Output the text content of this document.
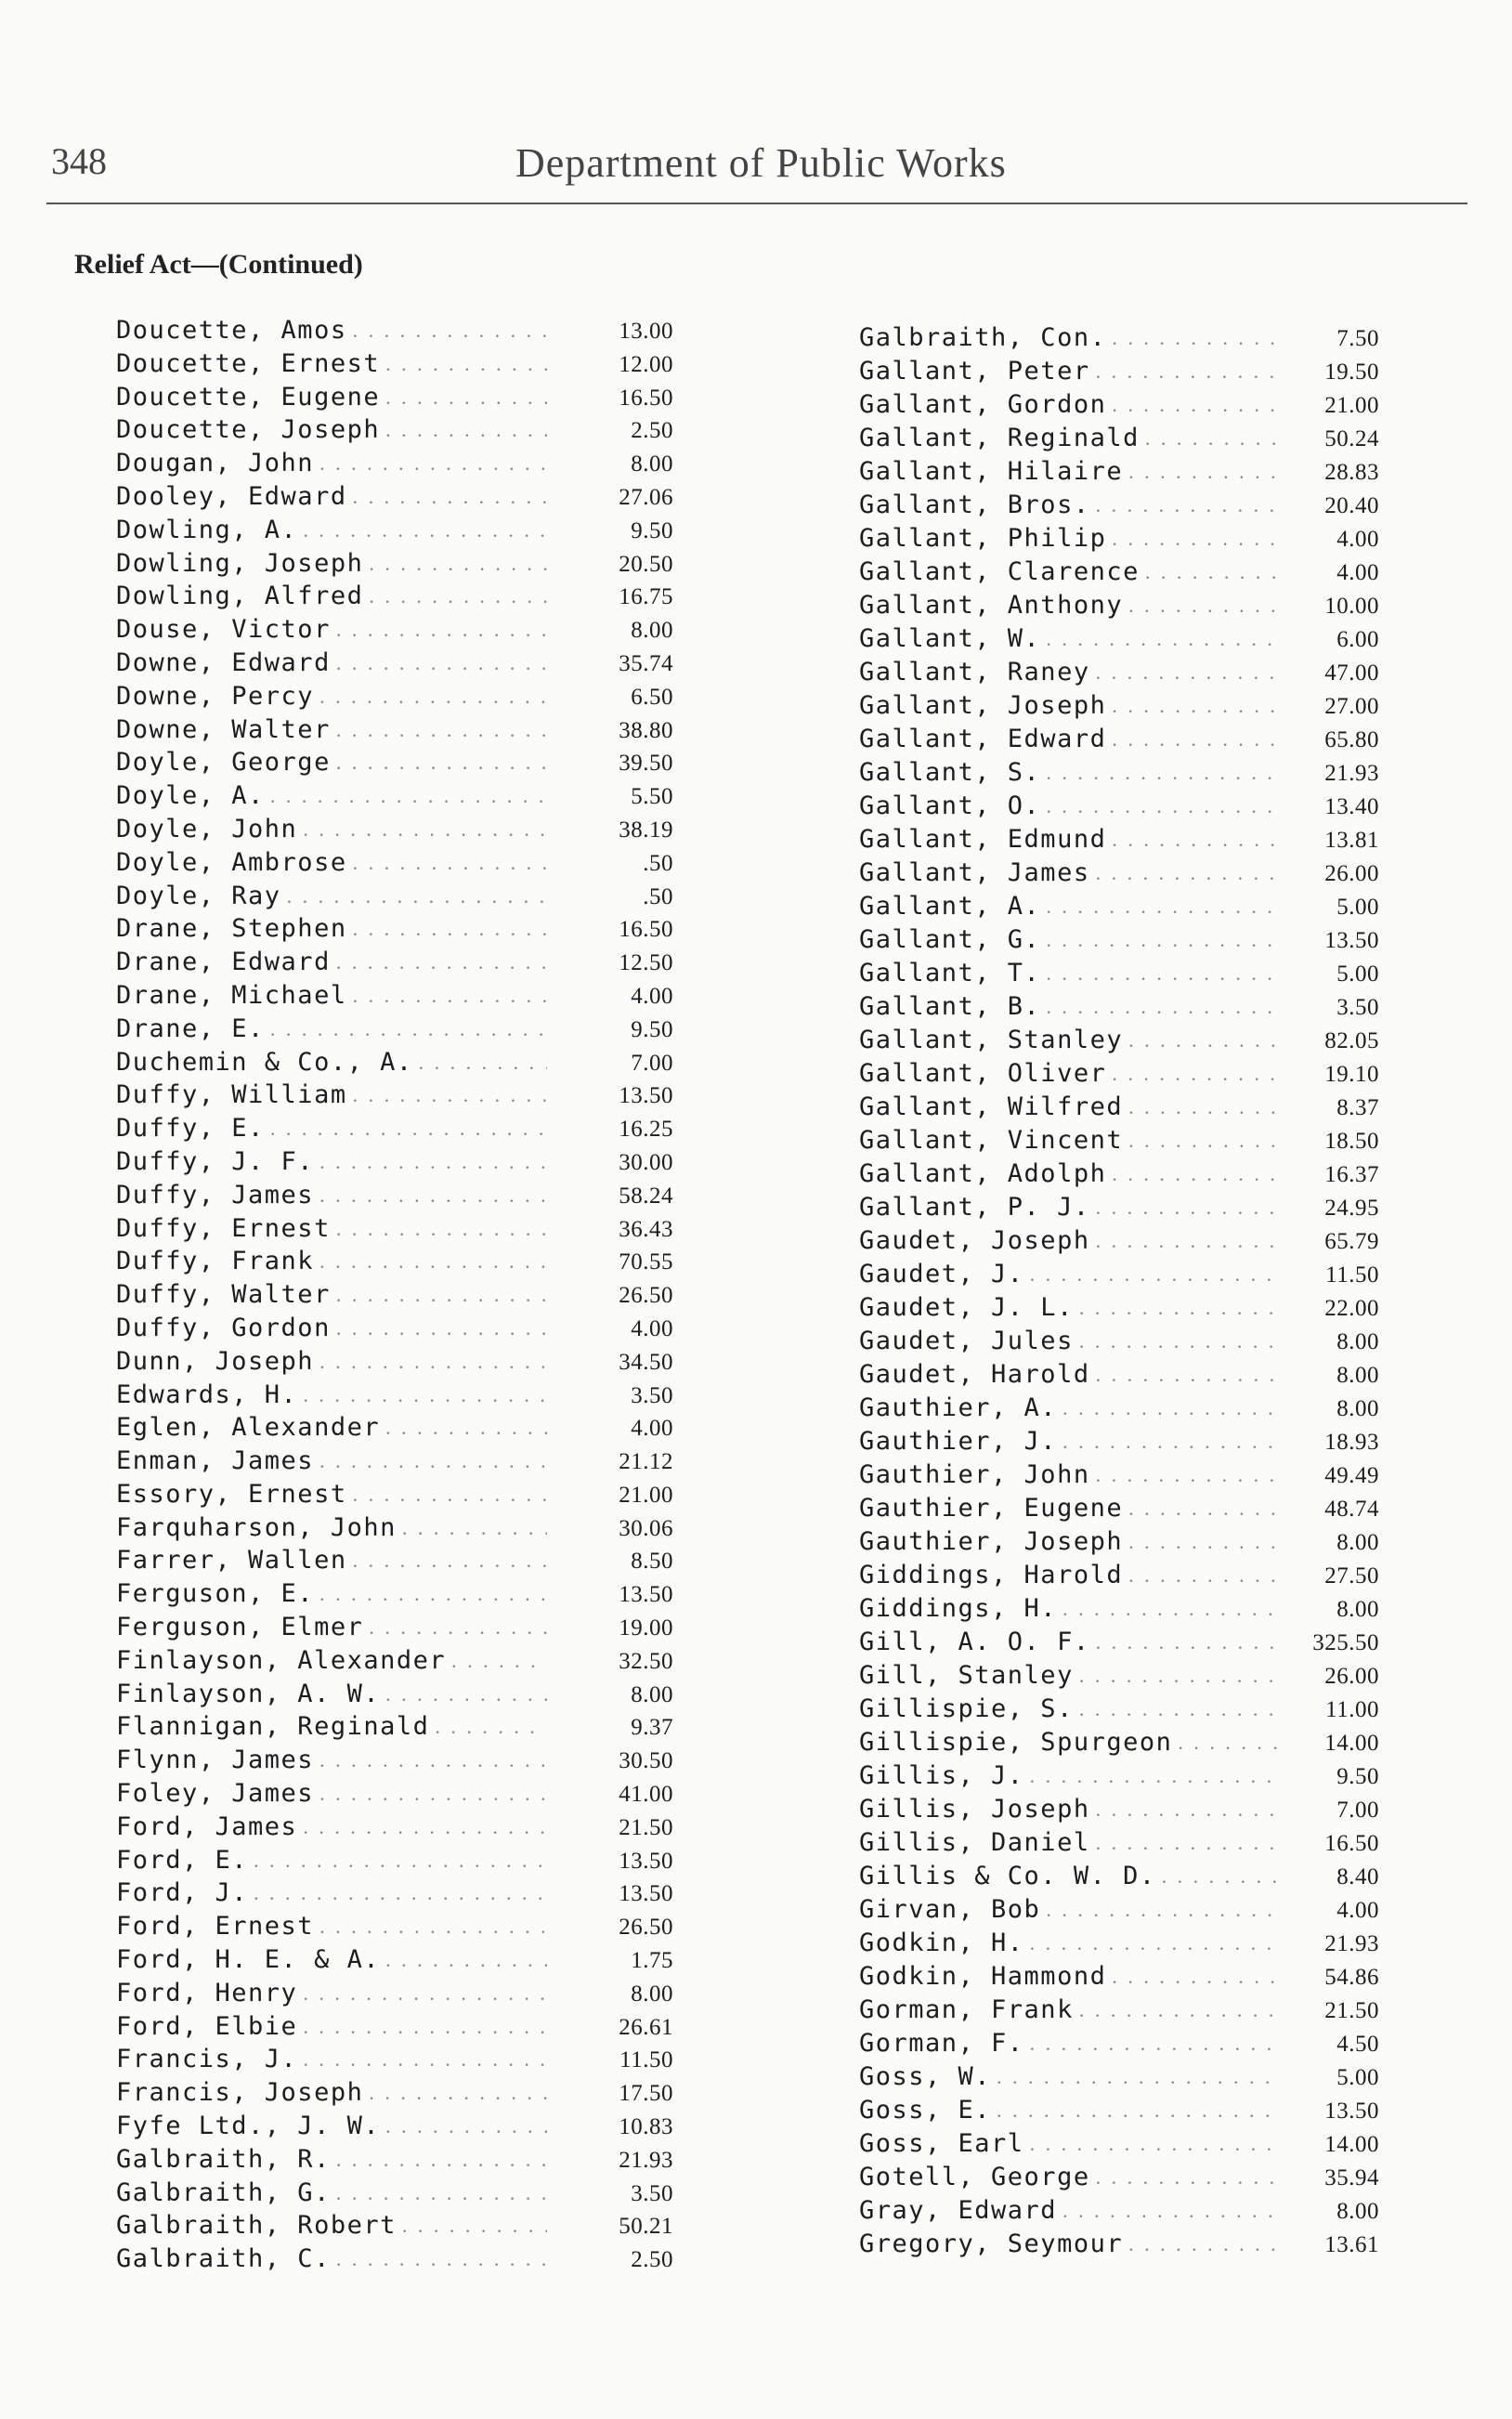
348	Department of Public Works
Relief Act—(Continued)
Doucette, Amos . . .	13.00
Doucette, Ernest . . .	12.00
Doucette, Eugene . . .	16.50
Doucette, Joseph . . .	2.50
Dougan, John . . .	8.00
Dooley, Edward . . .	27.06
Dowling, A. . . .	9.50
Dowling, Joseph . . .	20.50
Dowling, Alfred . . .	16.75
Douse, Victor . . .	8.00
Downe, Edward . . .	35.74
Downe, Percy . . .	6.50
Downe, Walter . . .	38.80
Doyle, George . . .	39.50
Doyle, A. . . .	5.50
Doyle, John . . .	38.19
Doyle, Ambrose . . .	.50
Doyle, Ray . . .	.50
Drane, Stephen . . .	16.50
Drane, Edward . . .	12.50
Drane, Michael . . .	4.00
Drane, E. . . .	9.50
Duchemin & Co., A. . . .	7.00
Duffy, William . . .	13.50
Duffy, E. . . .	16.25
Duffy, J. F. . . .	30.00
Duffy, James . . .	58.24
Duffy, Ernest . . .	36.43
Duffy, Frank . . .	70.55
Duffy, Walter . . .	26.50
Duffy, Gordon . . .	4.00
Dunn, Joseph . . .	34.50
Edwards, H. . . .	3.50
Eglen, Alexander . . .	4.00
Enman, James . . .	21.12
Essory, Ernest . . .	21.00
Farquharson, John . . .	30.06
Farrer, Wallen . . .	8.50
Ferguson, E. . . .	13.50
Ferguson, Elmer . . .	19.00
Finlayson, Alexander . . .	32.50
Finlayson, A. W. . . .	8.00
Flannigan, Reginald . . .	9.37
Flynn, James . . .	30.50
Foley, James . . .	41.00
Ford, James . . .	21.50
Ford, E. . . .	13.50
Ford, J. . . .	13.50
Ford, Ernest . . .	26.50
Ford, H. E. & A. . . .	1.75
Ford, Henry . . .	8.00
Ford, Elbie . . .	26.61
Francis, J. . . .	11.50
Francis, Joseph . . .	17.50
Fyfe Ltd., J. W. . . .	10.83
Galbraith, R. . . .	21.93
Galbraith, G. . . .	3.50
Galbraith, Robert . . .	50.21
Galbraith, C. . . .	2.50
Galbraith, Con. . . .	7.50
Gallant, Peter . . .	19.50
Gallant, Gordon . . .	21.00
Gallant, Reginald . . .	50.24
Gallant, Hilaire . . .	28.83
Gallant, Bros. . . .	20.40
Gallant, Philip . . .	4.00
Gallant, Clarence . . .	4.00
Gallant, Anthony . . .	10.00
Gallant, W. . . .	6.00
Gallant, Raney . . .	47.00
Gallant, Joseph . . .	27.00
Gallant, Edward . . .	65.80
Gallant, S. . . .	21.93
Gallant, O. . . .	13.40
Gallant, Edmund . . .	13.81
Gallant, James . . .	26.00
Gallant, A. . . .	5.00
Gallant, G. . . .	13.50
Gallant, T. . . .	5.00
Gallant, B. . . .	3.50
Gallant, Stanley . . .	82.05
Gallant, Oliver . . .	19.10
Gallant, Wilfred . . .	8.37
Gallant, Vincent . . .	18.50
Gallant, Adolph . . .	16.37
Gallant, P. J. . . .	24.95
Gaudet, Joseph . . .	65.79
Gaudet, J. . . .	11.50
Gaudet, J. L. . . .	22.00
Gaudet, Jules . . .	8.00
Gaudet, Harold . . .	8.00
Gauthier, A. . . .	8.00
Gauthier, J. . . .	18.93
Gauthier, John . . .	49.49
Gauthier, Eugene . . .	48.74
Gauthier, Joseph . . .	8.00
Giddings, Harold . . .	27.50
Giddings, H. . . .	8.00
Gill, A. O. F. . . .	325.50
Gill, Stanley . . .	26.00
Gillispie, S. . . .	11.00
Gillispie, Spurgeon . . .	14.00
Gillis, J. . . .	9.50
Gillis, Joseph . . .	7.00
Gillis, Daniel . . .	16.50
Gillis & Co. W. D. . . .	8.40
Girvan, Bob . . .	4.00
Godkin, H. . . .	21.93
Godkin, Hammond . . .	54.86
Gorman, Frank . . .	21.50
Gorman, F. . . .	4.50
Goss, W. . . .	5.00
Goss, E. . . .	13.50
Goss, Earl . . .	14.00
Gotell, George . . .	35.94
Gray, Edward . . .	8.00
Gregory, Seymour . . .	13.61
